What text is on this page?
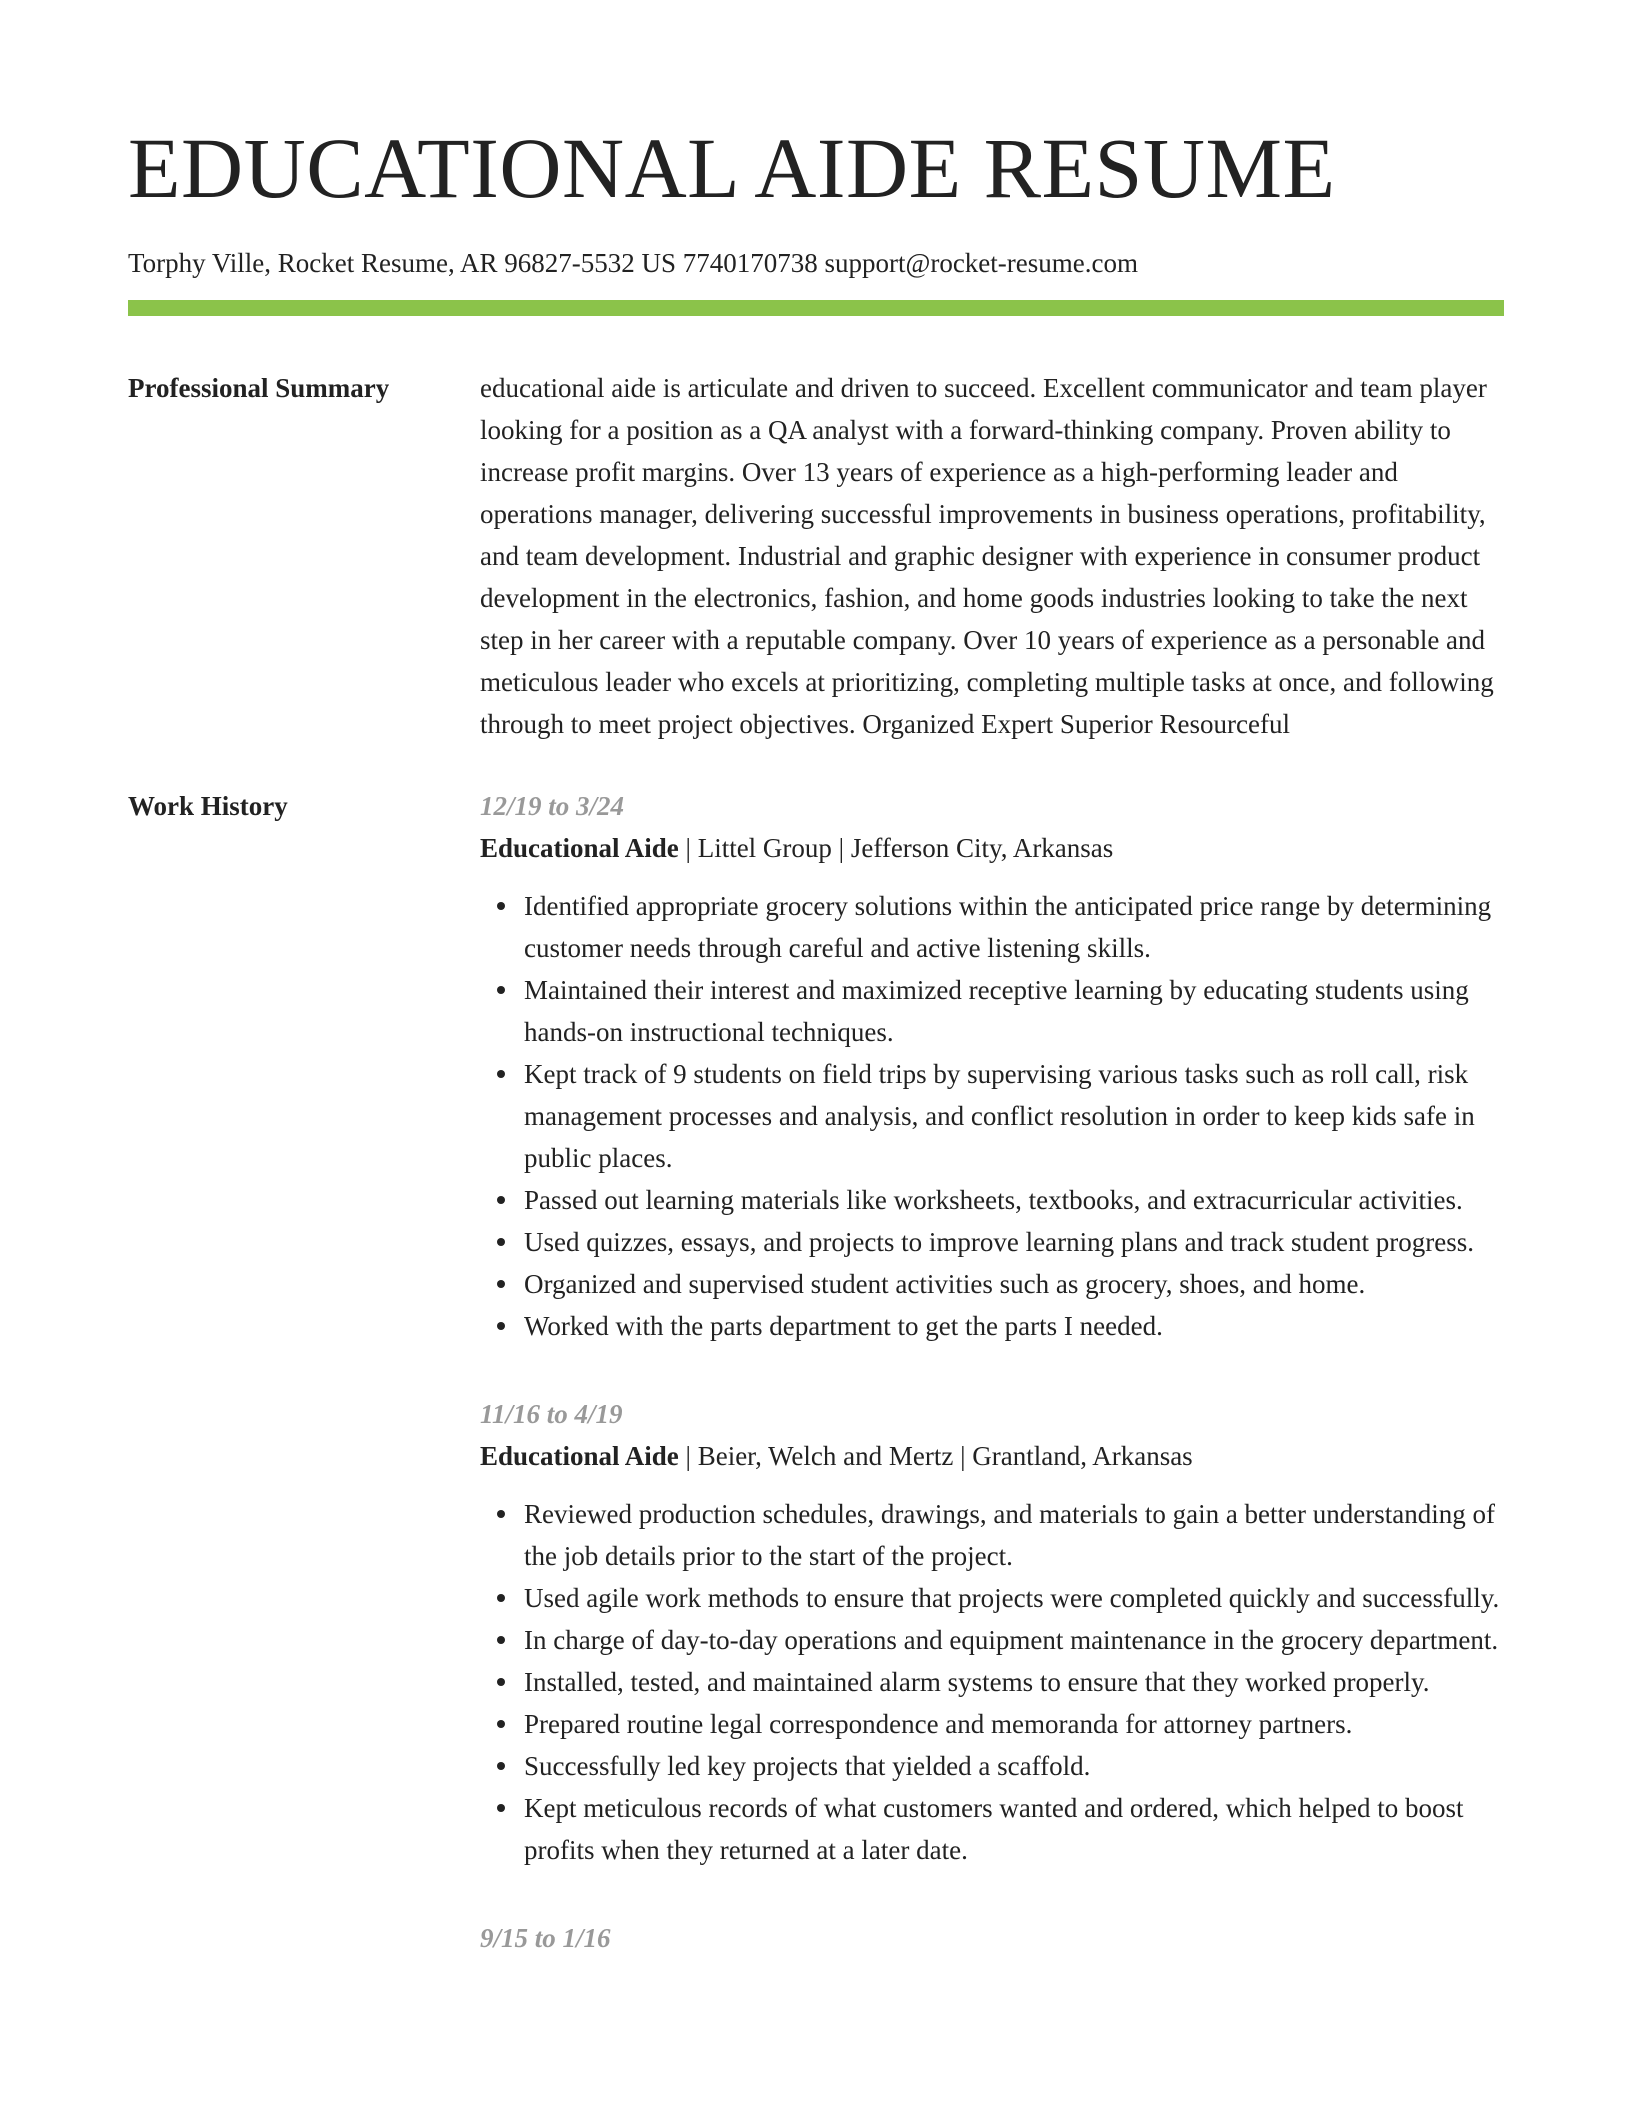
EDUCATIONAL AIDE RESUME
Torphy Ville, Rocket Resume, AR 96827-5532 US 7740170738 support@rocket-resume.com
Professional Summary	educational aide is articulate and driven to succeed. Excellent communicator and team player looking for a position as a QA analyst with a forward-thinking company. Proven ability to increase profit margins. Over 13 years of experience as a high-performing leader and operations manager, delivering successful improvements in business operations, profitability, and team development. Industrial and graphic designer with experience in consumer product development in the electronics, fashion, and home goods industries looking to take the next step in her career with a reputable company. Over 10 years of experience as a personable and meticulous leader who excels at prioritizing, completing multiple tasks at once, and following through to meet project objectives. Organized Expert Superior Resourceful

Work History	12/19 to 3/24
Educational Aide | Littel Group | Jefferson City, Arkansas
Identified appropriate grocery solutions within the anticipated price range by determining customer needs through careful and active listening skills.
Maintained their interest and maximized receptive learning by educating students using hands-on instructional techniques.
Kept track of 9 students on field trips by supervising various tasks such as roll call, risk management processes and analysis, and conflict resolution in order to keep kids safe in public places.
Passed out learning materials like worksheets, textbooks, and extracurricular activities.
Used quizzes, essays, and projects to improve learning plans and track student progress.
Organized and supervised student activities such as grocery, shoes, and home.
Worked with the parts department to get the parts I needed.
11/16 to 4/19
Educational Aide | Beier, Welch and Mertz | Grantland, Arkansas
Reviewed production schedules, drawings, and materials to gain a better understanding of the job details prior to the start of the project.
Used agile work methods to ensure that projects were completed quickly and successfully.
In charge of day-to-day operations and equipment maintenance in the grocery department.
Installed, tested, and maintained alarm systems to ensure that they worked properly.
Prepared routine legal correspondence and memoranda for attorney partners.
Successfully led key projects that yielded a scaffold.
Kept meticulous records of what customers wanted and ordered, which helped to boost profits when they returned at a later date.
9/15 to 1/16
